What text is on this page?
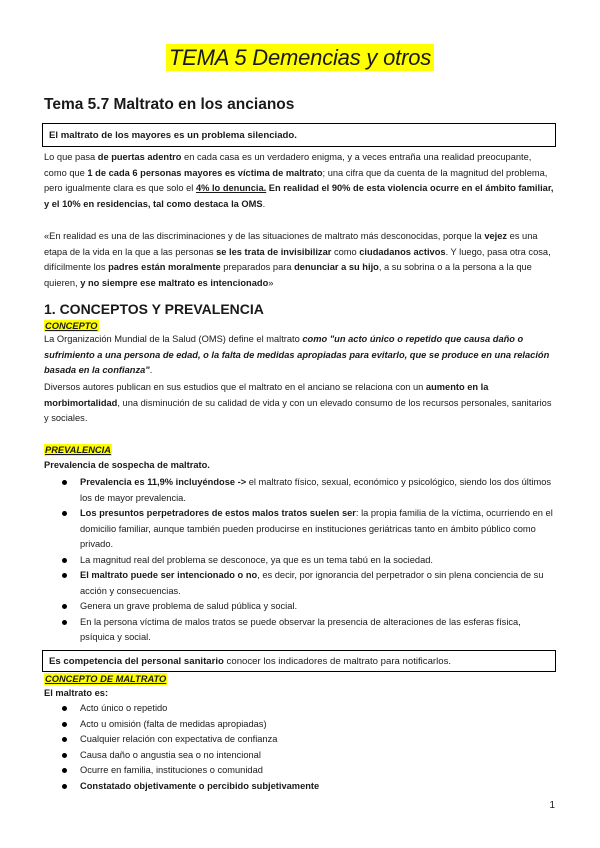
TEMA 5 Demencias y otros
Tema 5.7 Maltrato en los ancianos
El maltrato de los mayores es un problema silenciado.

Lo que pasa de puertas adentro en cada casa es un verdadero enigma, y a veces entraña una realidad preocupante, como que 1 de cada 6 personas mayores es víctima de maltrato; una cifra que da cuenta de la magnitud del problema, pero igualmente clara es que solo el 4% lo denuncia. En realidad el 90% de esta violencia ocurre en el ámbito familiar, y el 10% en residencias, tal como destaca la OMS.

«En realidad es una de las discriminaciones y de las situaciones de maltrato más desconocidas, porque la vejez es una etapa de la vida en la que a las personas se les trata de invisibilizar como ciudadanos activos. Y luego, pasa otra cosa, difícilmente los padres están moralmente preparados para denunciar a su hijo, a su sobrina o a la persona a la que quieren, y no siempre ese maltrato es intencionado»

1. CONCEPTOS Y PREVALENCIA
CONCEPTO

La Organización Mundial de la Salud (OMS) define el maltrato como "un acto único o repetido que causa daño o sufrimiento a una persona de edad, o la falta de medidas apropiadas para evitarlo, que se produce en una relación basada en la confianza".

Diversos autores publican en sus estudios que el maltrato en el anciano se relaciona con un aumento en la morbimortalidad, una disminución de su calidad de vida y con un elevado consumo de los recursos personales, sanitarios y sociales.

PREVALENCIA
Prevalencia de sospecha de maltrato.
Prevalencia es 11,9% incluyéndose -> el maltrato físico, sexual, económico y psicológico, siendo los dos últimos los de mayor prevalencia.
Los presuntos perpetradores de estos malos tratos suelen ser: la propia familia de la víctima, ocurriendo en el domicilio familiar, aunque también pueden producirse en instituciones geriátricas tanto en ámbito público como privado.
La magnitud real del problema se desconoce, ya que es un tema tabú en la sociedad.
El maltrato puede ser intencionado o no, es decir, por ignorancia del perpetrador o sin plena conciencia de su acción y consecuencias.
Genera un grave problema de salud pública y social.
En la persona víctima de malos tratos se puede observar la presencia de alteraciones de las esferas física, psíquica y social.
Es competencia del personal sanitario conocer los indicadores de maltrato para notificarlos.
CONCEPTO DE MALTRATO
El maltrato es:
Acto único o repetido
Acto u omisión (falta de medidas apropiadas)
Cualquier relación con expectativa de confianza
Causa daño o angustia sea o no intencional
Ocurre en familia, instituciones o comunidad
Constatado objetivamente o percibido subjetivamente
1
